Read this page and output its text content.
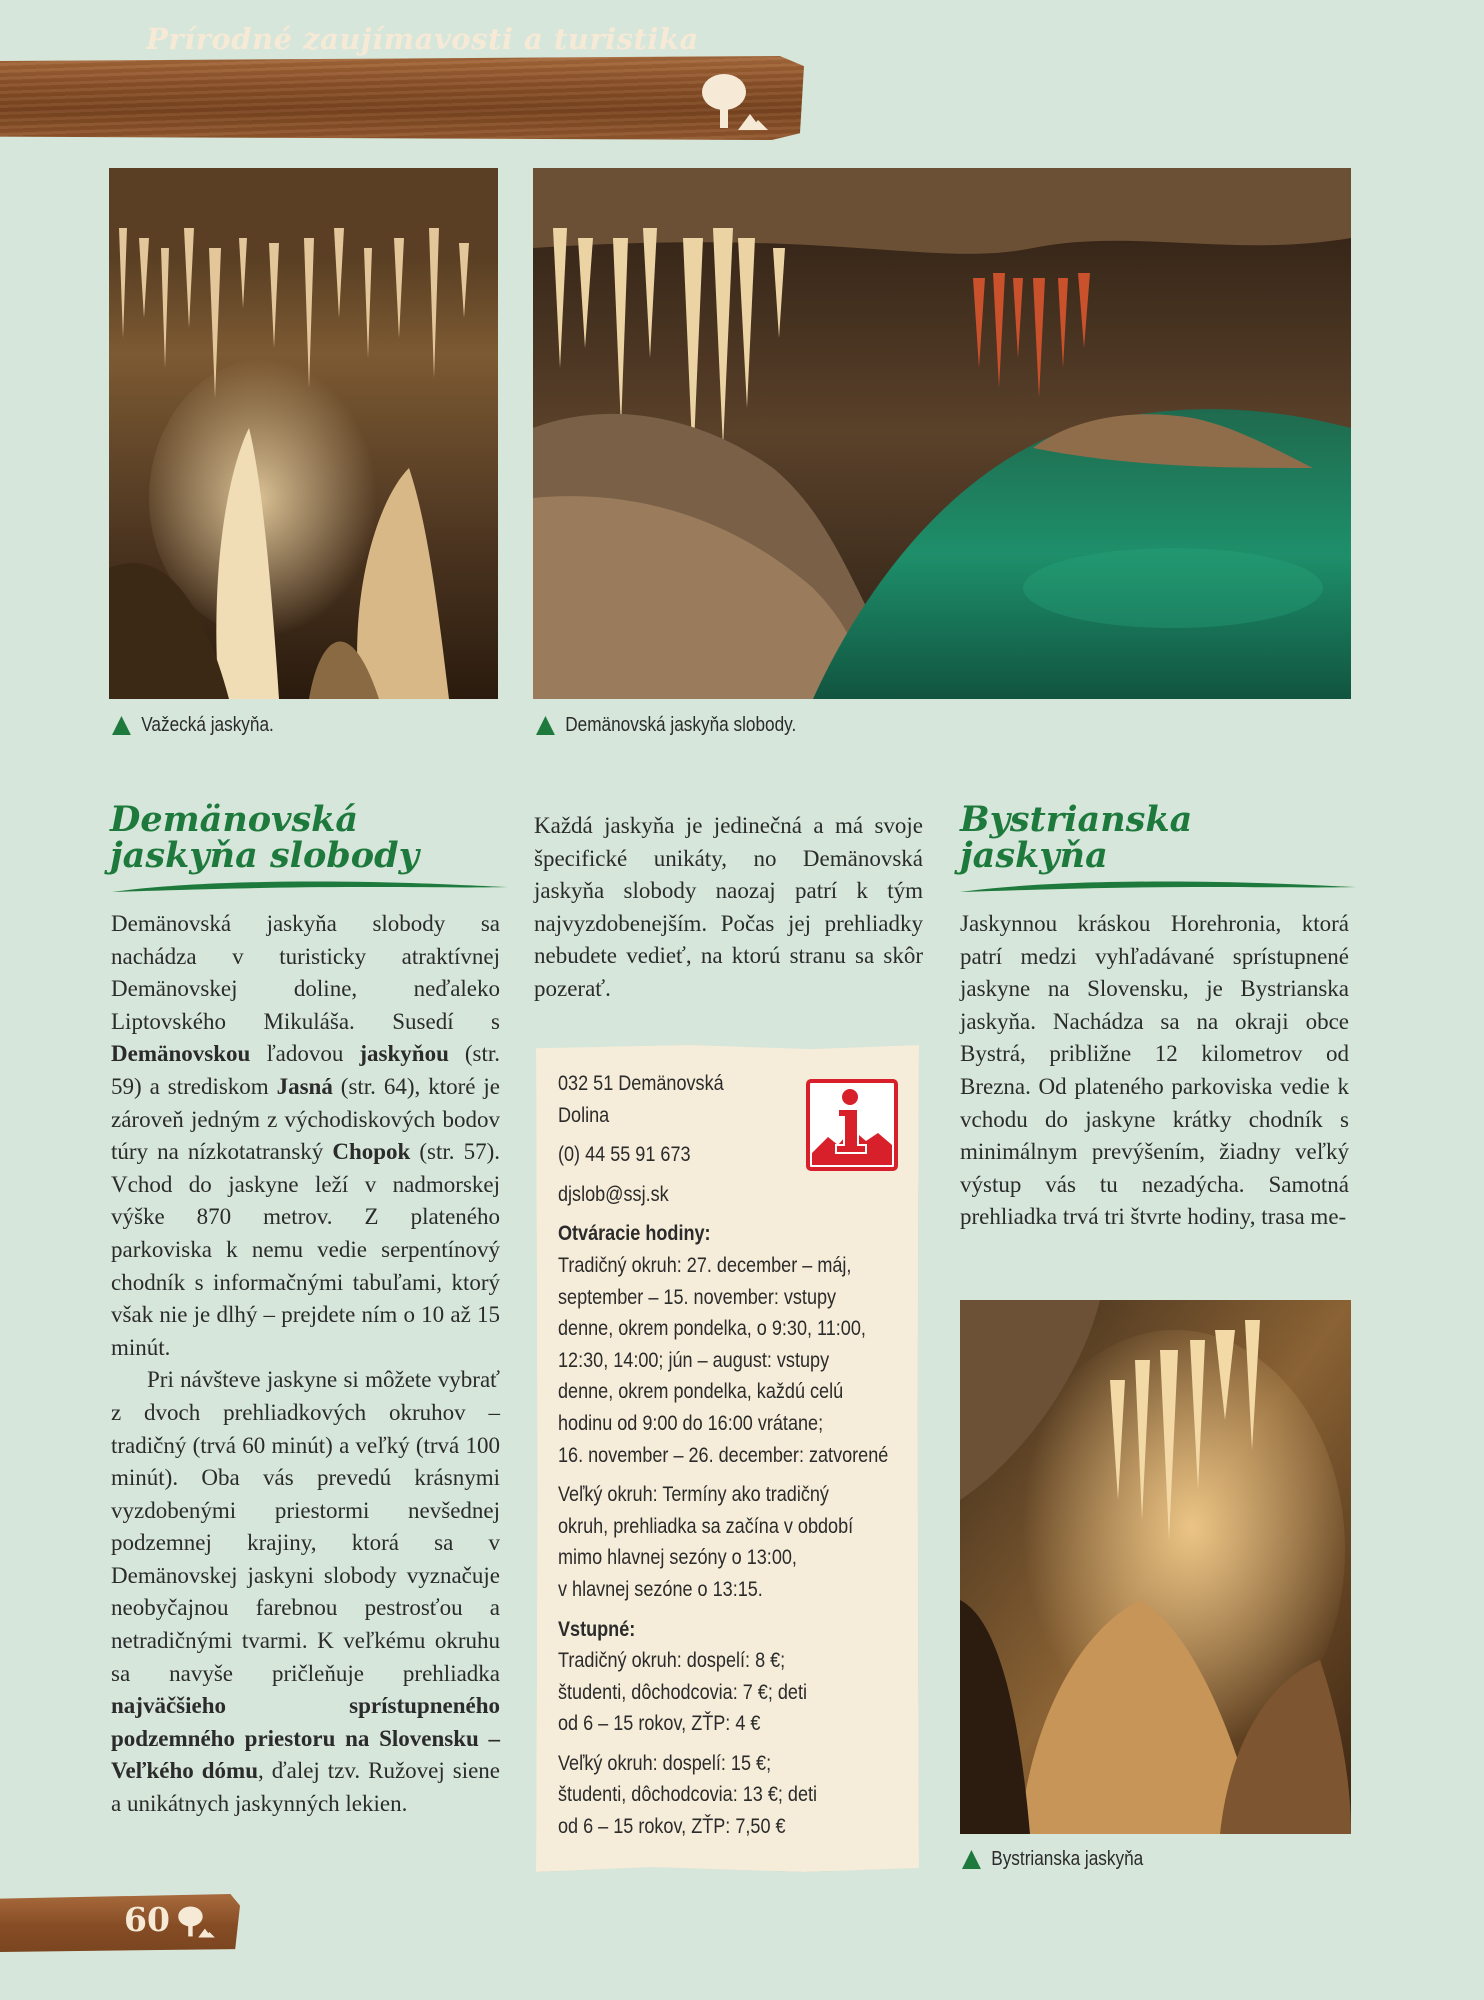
Prírodné zaujímavosti a turistika
Važecká jaskyňa.	Demänovská jaskyňa slobody.
Demänovská
jaskyňa slobody

Demänovská jaskyňa slobody sa nachádza v turisticky atraktívnej Demänovskej doline, neďaleko Liptovského Mikuláša. Susedí s Demänovskou ľadovou jaskyňou (str. 59) a strediskom Jasná (str. 64), ktoré je zároveň jedným z východiskových bodov túry na nízkotatranský Chopok (str. 57). Vchod do jaskyne leží v nadmorskej výške 870 metrov. Z plateného parkoviska k nemu vedie serpentínový chodník s informačnými tabuľami, ktorý však nie je dlhý – prejdete ním o 10 až 15 minút.

Pri návšteve jaskyne si môžete vybrať z dvoch prehliadkových okruhov – tradičný (trvá 60 minút) a veľký (trvá 100 minút). Oba vás prevedú krásnymi vyzdobenými priestormi nevšednej podzemnej krajiny, ktorá sa v Demänovskej jaskyni slobody vyznačuje neobyčajnou farebnou pestrosťou a netradičnými tvarmi. K veľkému okruhu sa navyše pričleňuje prehliadka najväčšieho sprístupneného podzemného priestoru na Slovensku – Veľkého dómu, ďalej tzv. Ružovej siene a unikátnych jaskynných lekien.

Každá jaskyňa je jedinečná a má svoje špecifické unikáty, no Demänovská jaskyňa slobody naozaj patrí k tým najvyzdobenejším. Počas jej prehliadky nebudete vedieť, na ktorú stranu sa skôr pozerať.

032 51 Demänovská
Dolina
(0) 44 55 91 673
djslob@ssj.sk
Otváracie hodiny:
Tradičný okruh: 27. december – máj,
september – 15. november: vstupy
denne, okrem pondelka, o 9:30, 11:00,
12:30, 14:00; jún – august: vstupy
denne, okrem pondelka, každú celú
hodinu od 9:00 do 16:00 vrátane;
16. november – 26. december: zatvorené
Veľký okruh: Termíny ako tradičný
okruh, prehliadka sa začína v období
mimo hlavnej sezóny o 13:00,
v hlavnej sezóne o 13:15.
Vstupné:
Tradičný okruh: dospelí: 8 €;
študenti, dôchodcovia: 7 €; deti
od 6 – 15 rokov, ZŤP: 4 €
Veľký okruh: dospelí: 15 €;
študenti, dôchodcovia: 13 €; deti
od 6 – 15 rokov, ZŤP: 7,50 €
Bystrianska
jaskyňa

Jaskynnou kráskou Horehronia, ktorá patrí medzi vyhľadávané sprístupnené jaskyne na Slovensku, je Bystrianska jaskyňa. Nachádza sa na okraji obce Bystrá, približne 12 kilometrov od Brezna. Od plateného parkoviska vedie k vchodu do jaskyne krátky chodník s minimálnym prevýšením, žiadny veľký výstup vás tu nezadýcha. Samotná prehliadka trvá tri štvrte hodiny, trasa me-

Bystrianska jaskyňa
60
